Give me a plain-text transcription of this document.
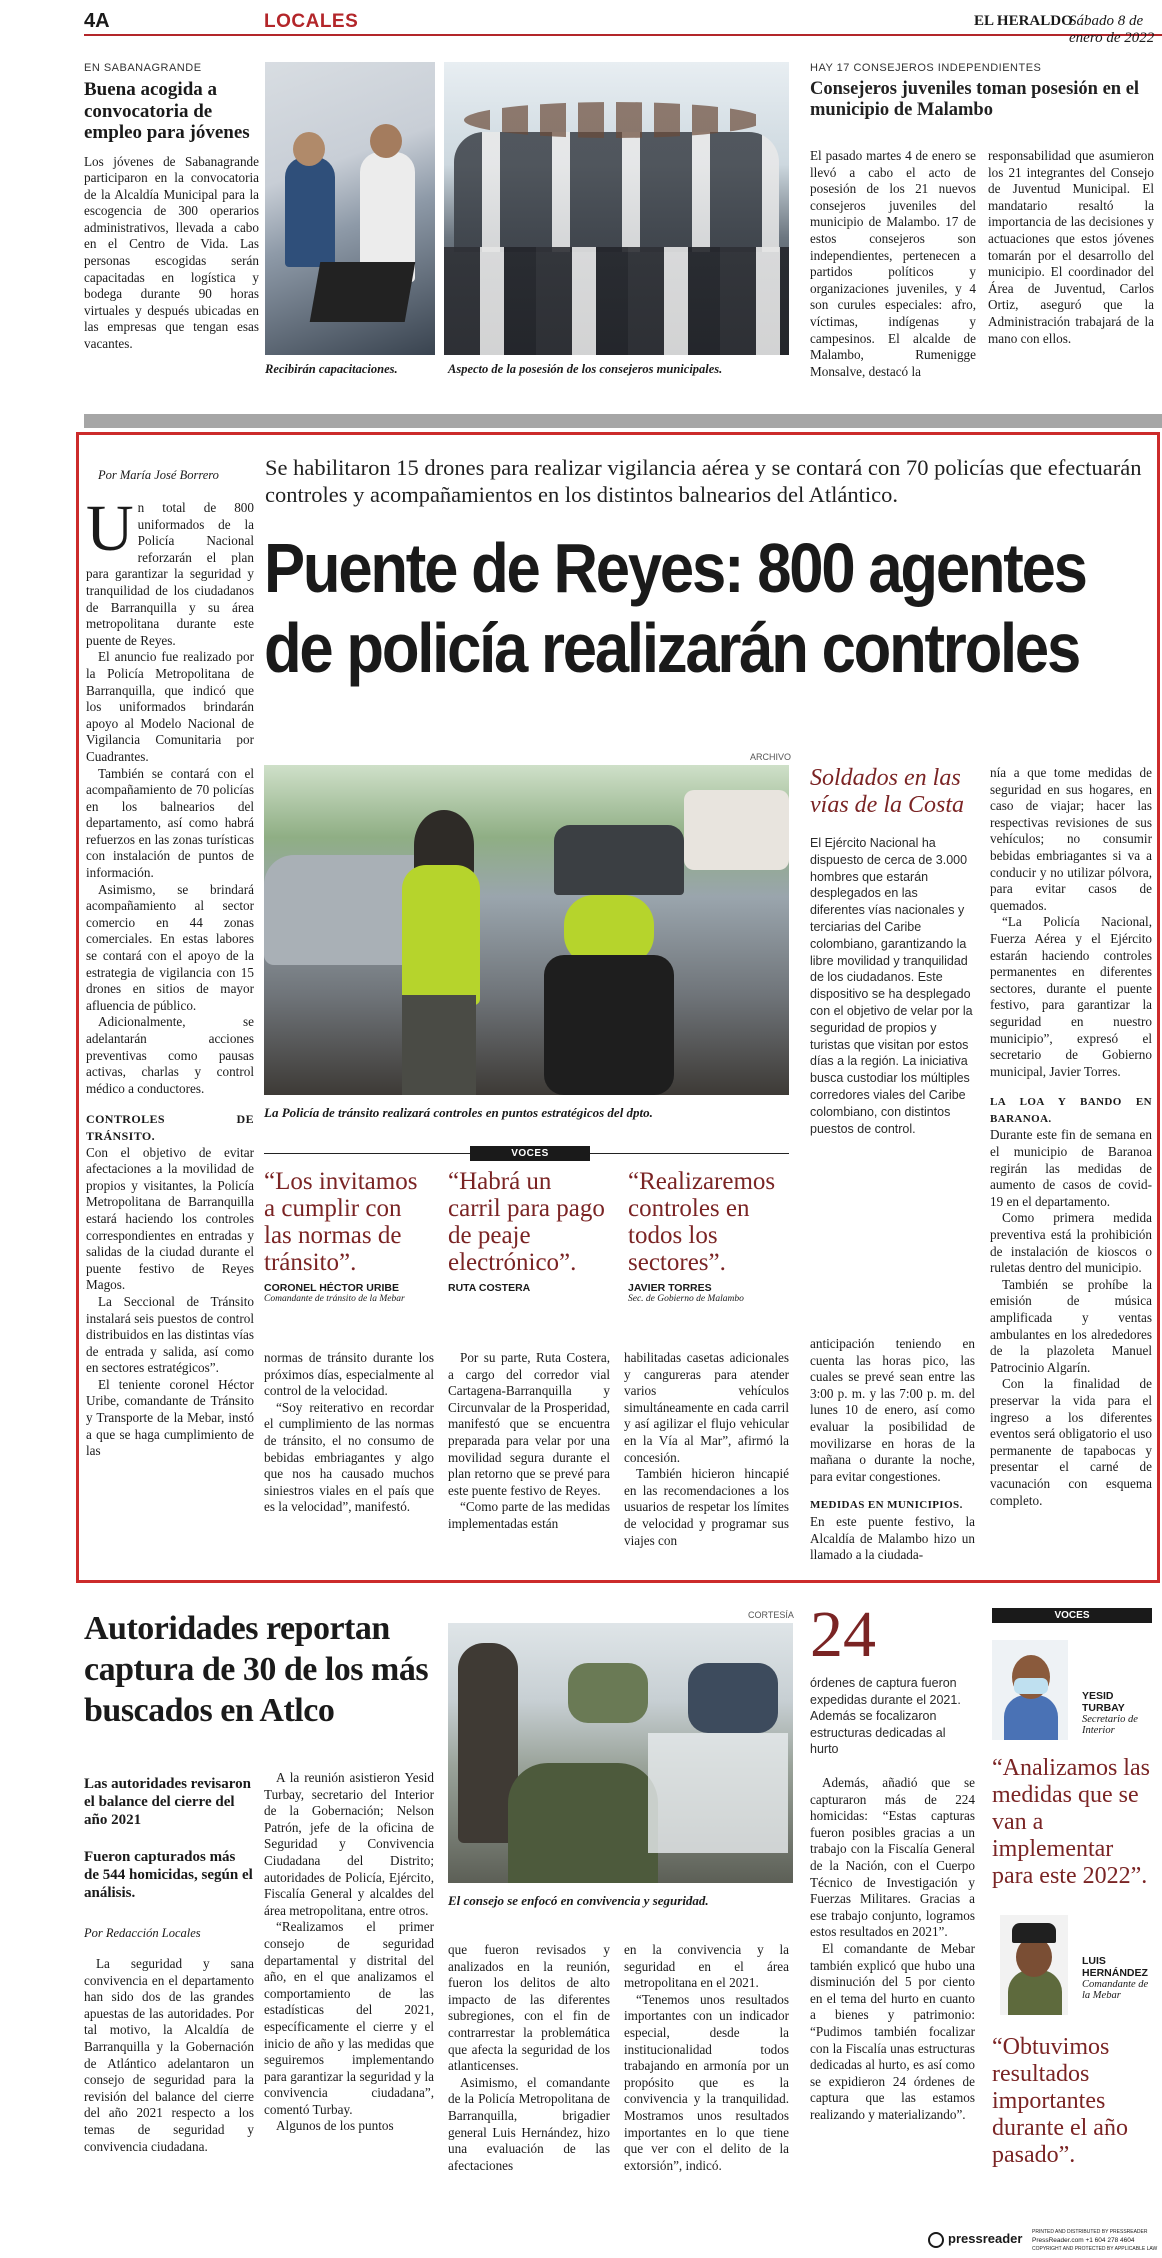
4A	LOCALES	EL HERALDO
Sábado 8 de enero de 2022
EN SABANAGRANDE
Buena acogida a convocatoria de empleo para jóvenes
Los jóvenes de Sabanagrande participaron en la convocatoria de la Alcaldía Municipal para la escogencia de 300 operarios administrativos, llevada a cabo en el Centro de Vida. Las personas escogidas serán capacitadas en logística y bodega durante 90 horas virtuales y después ubicadas en las empresas que tengan esas vacantes.
Recibirán capacitaciones.	Aspecto de la posesión de los consejeros municipales.
HAY 17 CONSEJEROS INDEPENDIENTES
Consejeros juveniles toman posesión en el municipio de Malambo
El pasado martes 4 de enero se llevó a cabo el acto de posesión de los 21 nuevos consejeros juveniles del municipio de Malambo. 17 de estos consejeros son independientes, pertenecen a partidos políticos y organizaciones juveniles, y 4 son curules especiales: afro, víctimas, indígenas y campesinos. El alcalde de Malambo, Rumenigge Monsalve, destacó la
responsabilidad que asumieron los 21 integrantes del Consejo de Juventud Municipal. El mandatario resaltó la importancia de las decisiones y actuaciones que estos jóvenes tomarán por el desarrollo del municipio. El coordinador del Área de Juventud, Carlos Ortiz, aseguró que la Administración trabajará de la mano con ellos.
Por María José Borrero Se habilitaron 15 drones para realizar vigilancia aérea y se contará con 70 policías que efectuarán controles y acompañamientos en los distintos balnearios del Atlántico.
Puente de Reyes: 800 agentes
de policía realizarán controles
U n total de 800 uniformados de la Policía Nacional reforzarán el plan para garantizar la seguridad y tranquilidad de los ciudadanos de Barranquilla y su área metropolitana durante este puente de Reyes.

El anuncio fue realizado por la Policía Metropolitana de Barranquilla, que indicó que los uniformados brindarán apoyo al Modelo Nacional de Vigilancia Comunitaria por Cuadrantes.

También se contará con el acompañamiento de 70 policías en los balnearios del departamento, así como habrá refuerzos en las zonas turísticas con instalación de puntos de información.

Asimismo, se brindará acompañamiento al sector comercio en 44 zonas comerciales. En estas labores se contará con el apoyo de la estrategia de vigilancia con 15 drones en sitios de mayor afluencia de público.

Adicionalmente, se adelantarán acciones preventivas como pausas activas, charlas y control médico a conductores.

CONTROLES DE TRÁNSITO.
Con el objetivo de evitar afectaciones a la movilidad de propios y visitantes, la Policía Metropolitana de Barranquilla estará haciendo los controles correspondientes en entradas y salidas de la ciudad durante el puente festivo de Reyes Magos.

La Seccional de Tránsito instalará seis puestos de control distribuidos en las distintas vías de entrada y salida, así como en sectores estratégicos”.

El teniente coronel Héctor Uribe, comandante de Tránsito y Transporte de la Mebar, instó a que se haga cumplimiento de las

ARCHIVO
La Policía de tránsito realizará controles en puntos estratégicos del dpto.
VOCES
“Los invitamos a cumplir con las normas de tránsito”.
CORONEL HÉCTOR URIBE
Comandante de tránsito de la Mebar
“Habrá un carril para pago de peaje electrónico”.
RUTA COSTERA
“Realizaremos controles en todos los sectores”.
JAVIER TORRES
Sec. de Gobierno de Malambo
normas de tránsito durante los próximos días, especialmente al control de la velocidad.

“Soy reiterativo en recordar el cumplimiento de las normas de tránsito, el no consumo de bebidas embriagantes y algo que nos ha causado muchos siniestros viales en el país que es la velocidad”, manifestó.

Por su parte, Ruta Costera, a cargo del corredor vial Cartagena-Barranquilla y Circunvalar de la Prosperidad, manifestó que se encuentra preparada para velar por una movilidad segura durante el plan retorno que se prevé para este puente festivo de Reyes.

“Como parte de las medidas implementadas están

habilitadas casetas adicionales y cangureras para atender varios vehículos simultáneamente en cada carril y así agilizar el flujo vehicular en la Vía al Mar”, afirmó la concesión.

También hicieron hincapié en las recomendaciones a los usuarios de respetar los límites de velocidad y programar sus viajes con

Soldados en las vías de la Costa
El Ejército Nacional ha dispuesto de cerca de 3.000 hombres que estarán desplegados en las diferentes vías nacionales y terciarias del Caribe colombiano, garantizando la libre movilidad y tranquilidad de los ciudadanos. Este dispositivo se ha desplegado con el objetivo de velar por la seguridad de propios y turistas que visitan por estos días a la región. La iniciativa busca custodiar los múltiples corredores viales del Caribe colombiano, con distintos puestos de control.
anticipación teniendo en cuenta las horas pico, las cuales se prevé sean entre las 3:00 p. m. y las 7:00 p. m. del lunes 10 de enero, así como evaluar la posibilidad de movilizarse en horas de la mañana o durante la noche, para evitar congestiones.
MEDIDAS EN MUNICIPIOS.
En este puente festivo, la Alcaldía de Malambo hizo un llamado a la ciudada-
nía a que tome medidas de seguridad en sus hogares, en caso de viajar; hacer las respectivas revisiones de sus vehículos; no consumir bebidas embriagantes si va a conducir y no utilizar pólvora, para evitar casos de quemados.

“La Policía Nacional, Fuerza Aérea y el Ejército estarán haciendo controles permanentes en diferentes sectores, durante el puente festivo, para garantizar la seguridad en nuestro municipio”, expresó el secretario de Gobierno municipal, Javier Torres.

LA LOA Y BANDO EN BARANOA.
Durante este fin de semana en el municipio de Baranoa regirán las medidas de aumento de casos de covid- 19 en el departamento.

Como primera medida preventiva está la prohibición de instalación de kioscos o ruletas dentro del municipio.

También se prohíbe la emisión de música amplificada y ventas ambulantes en los alrededores de la plazoleta Manuel Patrocinio Algarín.

Con la finalidad de preservar la vida para el ingreso a los diferentes eventos será obligatorio el uso permanente de tapabocas y presentar el carné de vacunación con esquema completo.

Autoridades reportan captura de 30 de los más buscados en Atlco
Las autoridades revisaron el balance del cierre del año 2021
Fueron capturados más de 544 homicidas, según el análisis.
Por Redacción Locales

La seguridad y sana convivencia en el departamento han sido dos de las grandes apuestas de las autoridades. Por tal motivo, la Alcaldía de Barranquilla y la Gobernación de Atlántico adelantaron un consejo de seguridad para la revisión del balance del cierre del año 2021 respecto a los temas de seguridad y convivencia ciudadana.

A la reunión asistieron Yesid Turbay, secretario del Interior de la Gobernación; Nelson Patrón, jefe de la oficina de Seguridad y Convivencia Ciudadana del Distrito; autoridades de Policía, Ejército, Fiscalía General y alcaldes del área metropolitana, entre otros.

“Realizamos el primer consejo de seguridad departamental y distrital del año, en el que analizamos el comportamiento de las estadísticas del 2021, específicamente el cierre y el inicio de año y las medidas que seguiremos implementando para garantizar la seguridad y la convivencia ciudadana”, comentó Turbay.

Algunos de los puntos

CORTESÍA
El consejo se enfocó en convivencia y seguridad.
que fueron revisados y analizados en la reunión, fueron los delitos de alto impacto de las diferentes subregiones, con el fin de contrarrestar la problemática que afecta la seguridad de los atlanticenses.

Asimismo, el comandante de la Policía Metropolitana de Barranquilla, brigadier general Luis Hernández, hizo una evaluación de las afectaciones

en la convivencia y la seguridad en el área metropolitana en el 2021.

“Tenemos unos resultados importantes con un indicador especial, desde la institucionalidad todos trabajando en armonía por un propósito que es la convivencia y la tranquilidad. Mostramos unos resultados importantes en lo que tiene que ver con el delito de la extorsión”, indicó.

24
órdenes de captura fueron expedidas durante el 2021. Además se focalizaron estructuras dedicadas al hurto

Además, añadió que se capturaron más de 224 homicidas: “Estas capturas fueron posibles gracias a un trabajo con la Fiscalía General de la Nación, con el Cuerpo Técnico de Investigación y Fuerzas Militares. Gracias a ese trabajo conjunto, logramos estos resultados en 2021”.

El comandante de Mebar también explicó que hubo una disminución del 5 por ciento en el tema del hurto en cuanto a bienes y patrimonio: “Pudimos también focalizar con la Fiscalía unas estructuras dedicadas al hurto, es así como se expidieron 24 órdenes de captura que las estamos realizando y materializando”.

VOCES
YESID TURBAY
Secretario de Interior
“Analizamos las medidas que se van a implementar para este 2022”.
LUIS HERNÁNDEZ
Comandante de la Mebar
“Obtuvimos resultados importantes durante el año pasado”.
pressreader PRINTED AND DISTRIBUTED BY PRESSREADER
PressReader.com +1 604 278 4604
COPYRIGHT AND PROTECTED BY APPLICABLE LAW
